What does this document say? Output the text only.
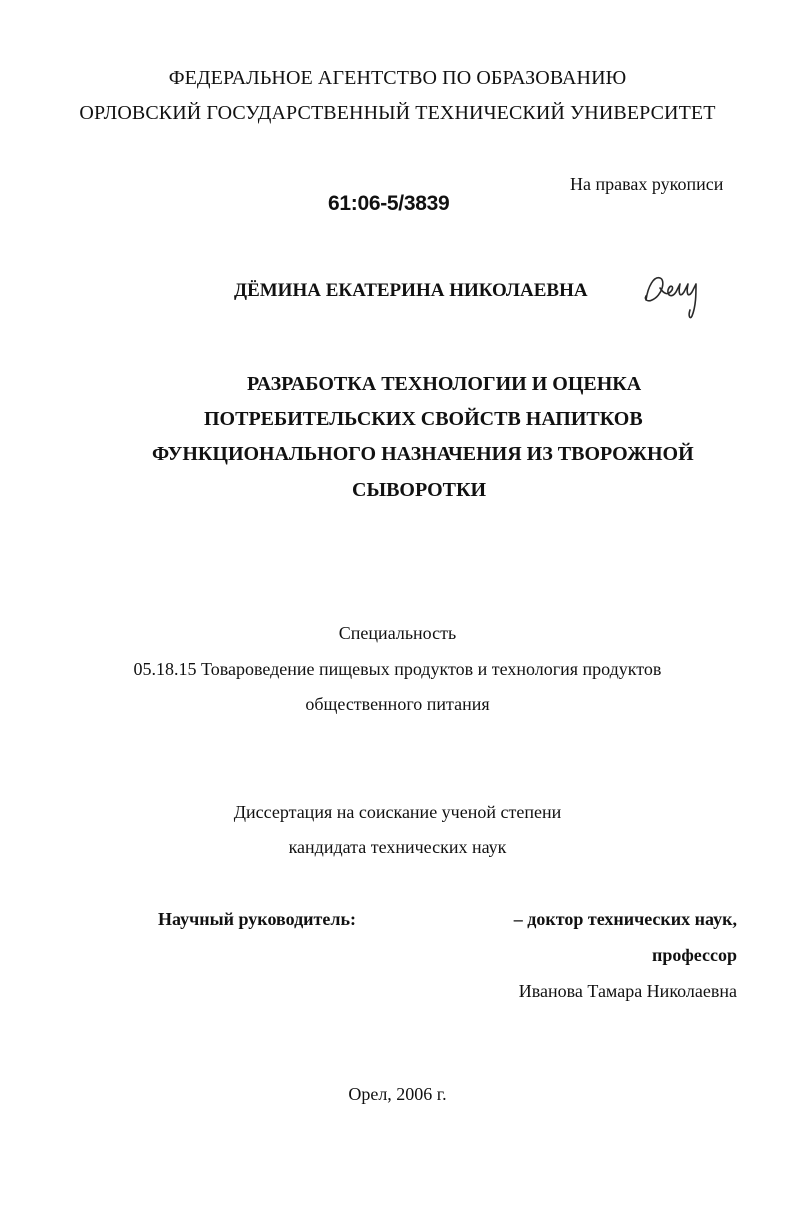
ФЕДЕРАЛЬНОЕ АГЕНТСТВО ПО ОБРАЗОВАНИЮ
ОРЛОВСКИЙ ГОСУДАРСТВЕННЫЙ ТЕХНИЧЕСКИЙ УНИВЕРСИТЕТ
На правах рукописи
61:06-5/3839
ДЁМИНА ЕКАТЕРИНА НИКОЛАЕВНА
РАЗРАБОТКА ТЕХНОЛОГИИ И ОЦЕНКА
ПОТРЕБИТЕЛЬСКИХ СВОЙСТВ НАПИТКОВ
ФУНКЦИОНАЛЬНОГО НАЗНАЧЕНИЯ ИЗ ТВОРОЖНОЙ
СЫВОРОТКИ
Специальность
05.18.15 Товароведение пищевых продуктов и технология продуктов
общественного питания
Диссертация на соискание ученой степени
кандидата технических наук
Научный руководитель:	– доктор технических наук,
профессор
Иванова Тамара Николаевна
Орел, 2006 г.
